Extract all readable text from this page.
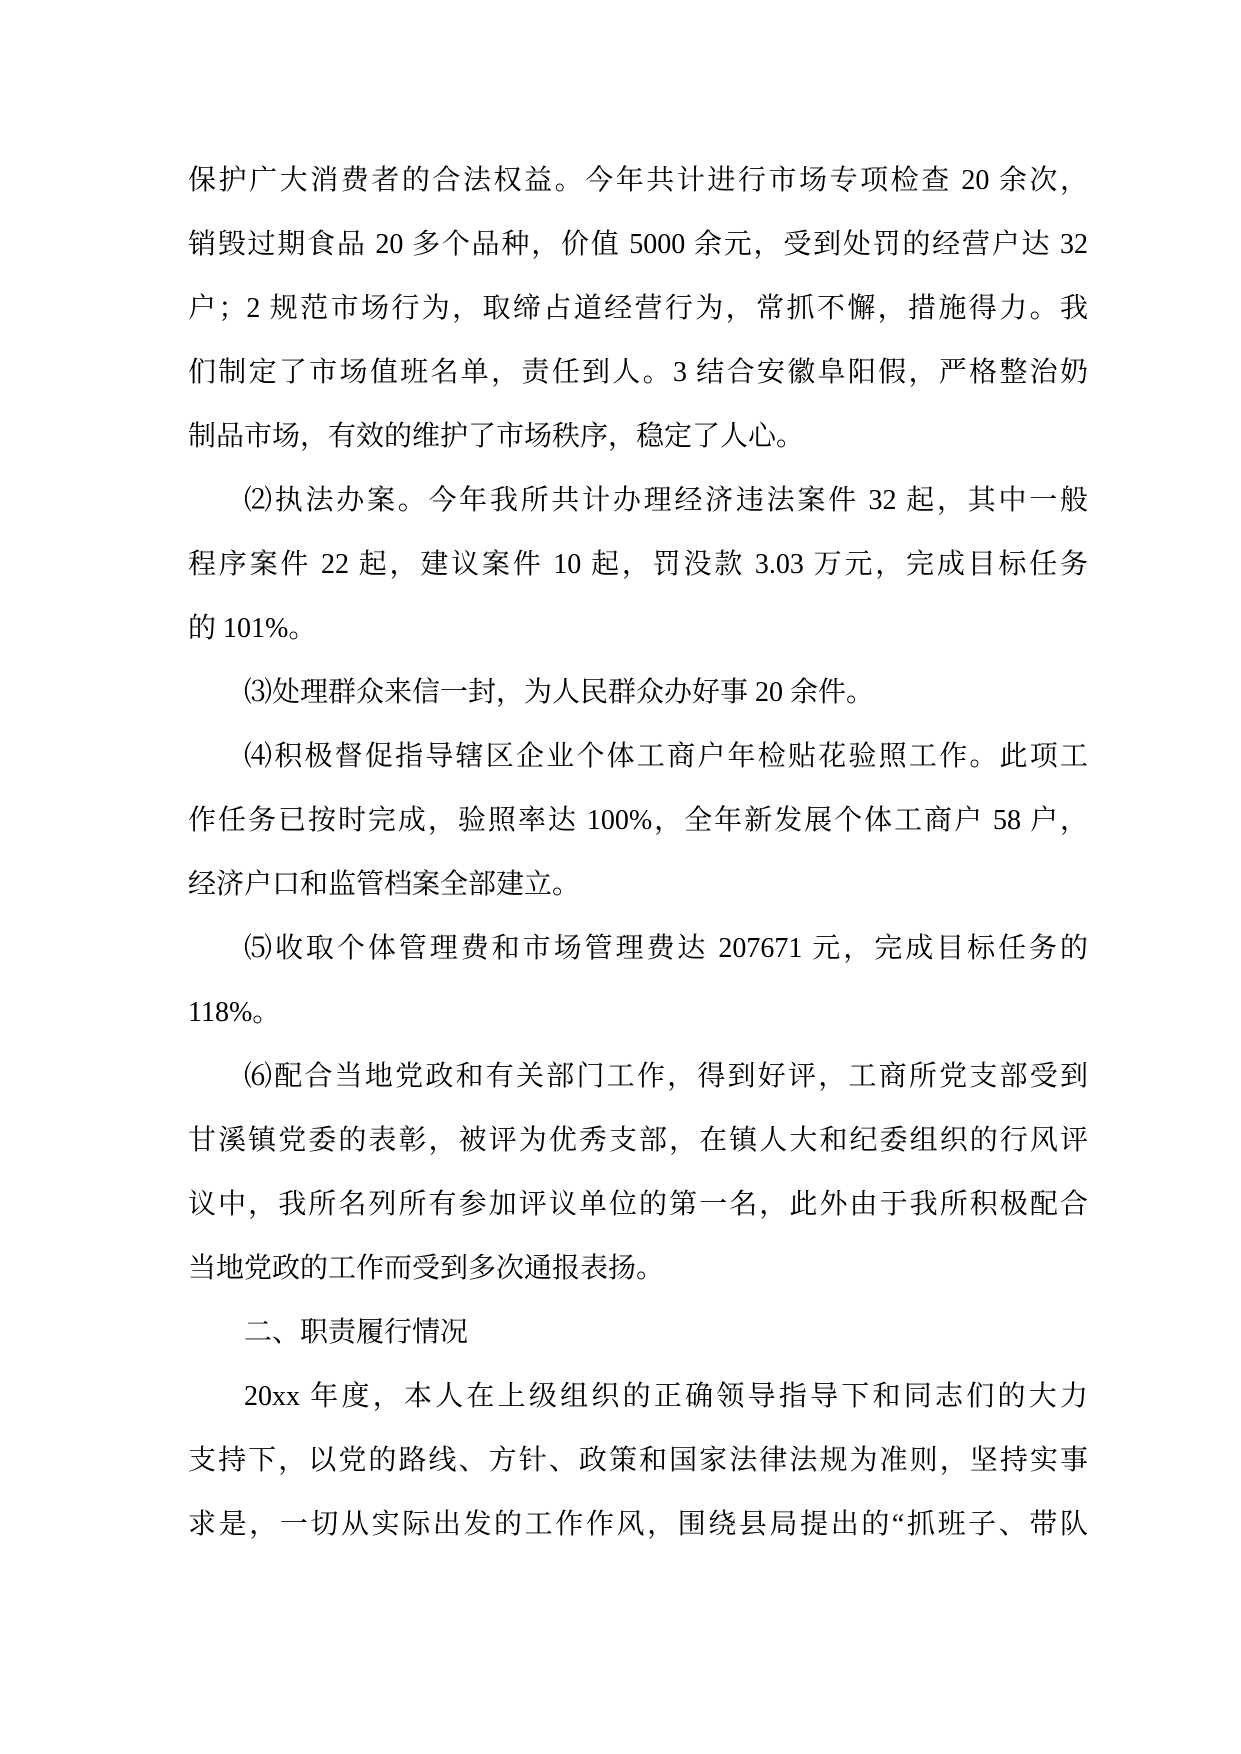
保护广大消费者的合法权益。今年共计进行市场专项检查 20 余次，
销毁过期食品 20 多个品种，价值 5000 余元，受到处罚的经营户达 32
户；2 规范市场行为，取缔占道经营行为，常抓不懈，措施得力。我
们制定了市场值班名单，责任到人。3 结合安徽阜阳假，严格整治奶
制品市场，有效的维护了市场秩序，稳定了人心。
⑵执法办案。今年我所共计办理经济违法案件 32 起，其中一般
程序案件 22 起，建议案件 10 起，罚没款 3.03 万元，完成目标任务
的 101%。
⑶处理群众来信一封，为人民群众办好事 20 余件。
⑷积极督促指导辖区企业个体工商户年检贴花验照工作。此项工
作任务已按时完成，验照率达 100%，全年新发展个体工商户 58 户，
经济户口和监管档案全部建立。
⑸收取个体管理费和市场管理费达 207671 元，完成目标任务的
118%。
⑹配合当地党政和有关部门工作，得到好评，工商所党支部受到
甘溪镇党委的表彰，被评为优秀支部，在镇人大和纪委组织的行风评
议中，我所名列所有参加评议单位的第一名，此外由于我所积极配合
当地党政的工作而受到多次通报表扬。
二、职责履行情况
20xx 年度，本人在上级组织的正确领导指导下和同志们的大力
支持下，以党的路线、方针、政策和国家法律法规为准则，坚持实事
求是，一切从实际出发的工作作风，围绕县局提出的“抓班子、带队
